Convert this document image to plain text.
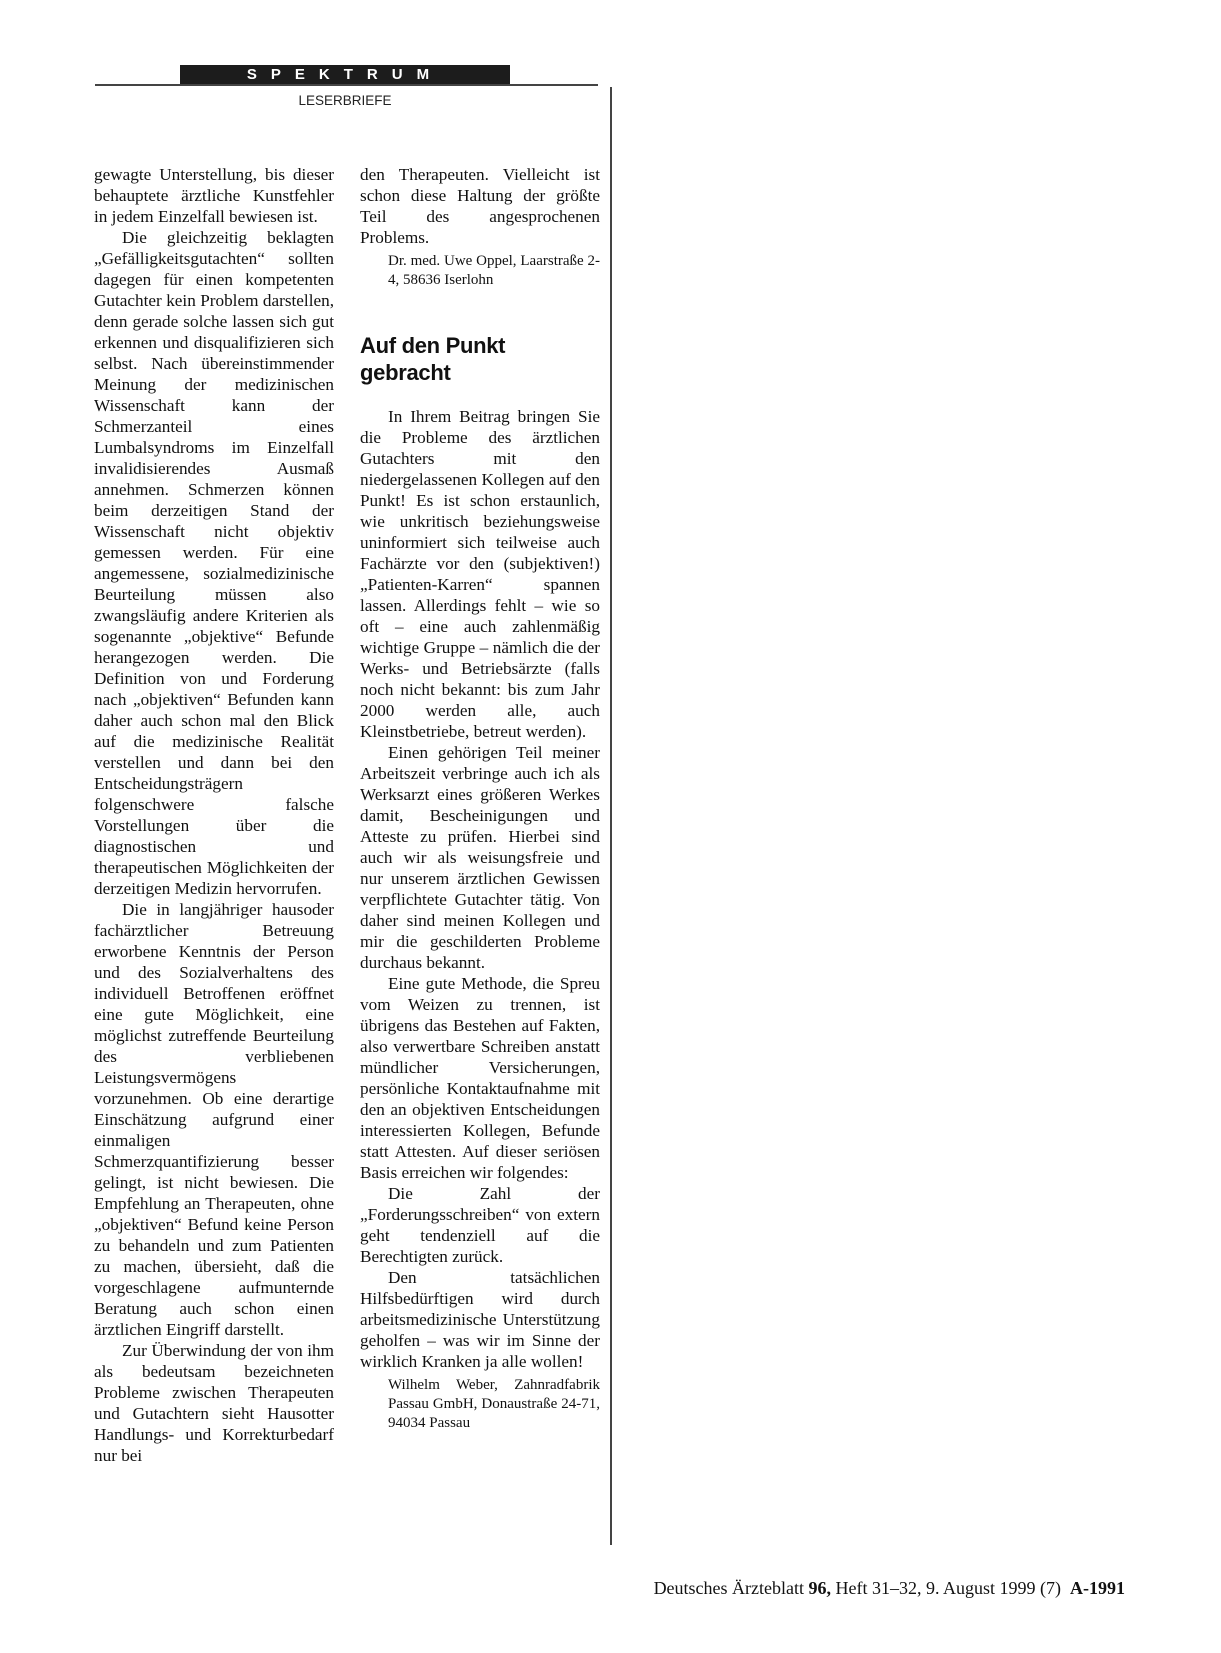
SPEKTRUM
LESERBRIEFE

gewagte Unterstellung, bis dieser behauptete ärztliche Kunstfehler in jedem Einzelfall bewiesen ist.

Die gleichzeitig beklagten „Gefälligkeitsgutachten“ sollten dagegen für einen kompetenten Gutachter kein Problem darstellen, denn gerade solche lassen sich gut erkennen und disqualifizieren sich selbst. Nach übereinstimmender Meinung der medizinischen Wissenschaft kann der Schmerzanteil eines Lumbalsyndroms im Einzelfall invalidisierendes Ausmaß annehmen. Schmerzen können beim derzeitigen Stand der Wissenschaft nicht objektiv gemessen werden. Für eine angemessene, sozialmedizinische Beurteilung müssen also zwangsläufig andere Kriterien als sogenannte „objektive“ Befunde herangezogen werden. Die Definition von und Forderung nach „objektiven“ Befunden kann daher auch schon mal den Blick auf die medizinische Realität verstellen und dann bei den Entscheidungsträgern folgenschwere falsche Vorstellungen über die diagnostischen und therapeutischen Möglichkeiten der derzeitigen Medizin hervorrufen.

Die in langjähriger hausoder fachärztlicher Betreuung erworbene Kenntnis der Person und des Sozialverhaltens des individuell Betroffenen eröffnet eine gute Möglichkeit, eine möglichst zutreffende Beurteilung des verbliebenen Leistungsvermögens vorzunehmen. Ob eine derartige Einschätzung aufgrund einer einmaligen Schmerzquantifizierung besser gelingt, ist nicht bewiesen. Die Empfehlung an Therapeuten, ohne „objektiven“ Befund keine Person zu behandeln und zum Patienten zu machen, übersieht, daß die vorgeschlagene aufmunternde Beratung auch schon einen ärztlichen Eingriff darstellt.

Zur Überwindung der von ihm als bedeutsam bezeichneten Probleme zwischen Therapeuten und Gutachtern sieht Hausotter Handlungs- und Korrekturbedarf nur bei

den Therapeuten. Vielleicht ist schon diese Haltung der größte Teil des angesprochenen Problems.

Dr. med. Uwe Oppel, Laarstraße 2-4, 58636 Iserlohn
Auf den Punkt gebracht

In Ihrem Beitrag bringen Sie die Probleme des ärztlichen Gutachters mit den niedergelassenen Kollegen auf den Punkt! Es ist schon erstaunlich, wie unkritisch beziehungsweise uninformiert sich teilweise auch Fachärzte vor den (subjektiven!) „Patienten-Karren“ spannen lassen. Allerdings fehlt – wie so oft – eine auch zahlenmäßig wichtige Gruppe – nämlich die der Werks- und Betriebsärzte (falls noch nicht bekannt: bis zum Jahr 2000 werden alle, auch Kleinstbetriebe, betreut werden).

Einen gehörigen Teil meiner Arbeitszeit verbringe auch ich als Werksarzt eines größeren Werkes damit, Bescheinigungen und Atteste zu prüfen. Hierbei sind auch wir als weisungsfreie und nur unserem ärztlichen Gewissen verpflichtete Gutachter tätig. Von daher sind meinen Kollegen und mir die geschilderten Probleme durchaus bekannt.

Eine gute Methode, die Spreu vom Weizen zu trennen, ist übrigens das Bestehen auf Fakten, also verwertbare Schreiben anstatt mündlicher Versicherungen, persönliche Kontaktaufnahme mit den an objektiven Entscheidungen interessierten Kollegen, Befunde statt Attesten. Auf dieser seriösen Basis erreichen wir folgendes:

Die Zahl der „Forderungsschreiben“ von extern geht tendenziell auf die Berechtigten zurück.

Den tatsächlichen Hilfsbedürftigen wird durch arbeitsmedizinische Unterstützung geholfen – was wir im Sinne der wirklich Kranken ja alle wollen!

Wilhelm Weber, Zahnradfabrik Passau GmbH, Donaustraße 24-71, 94034 Passau
Deutsches Ärzteblatt 96, Heft 31–32, 9. August 1999 (7) A-1991
